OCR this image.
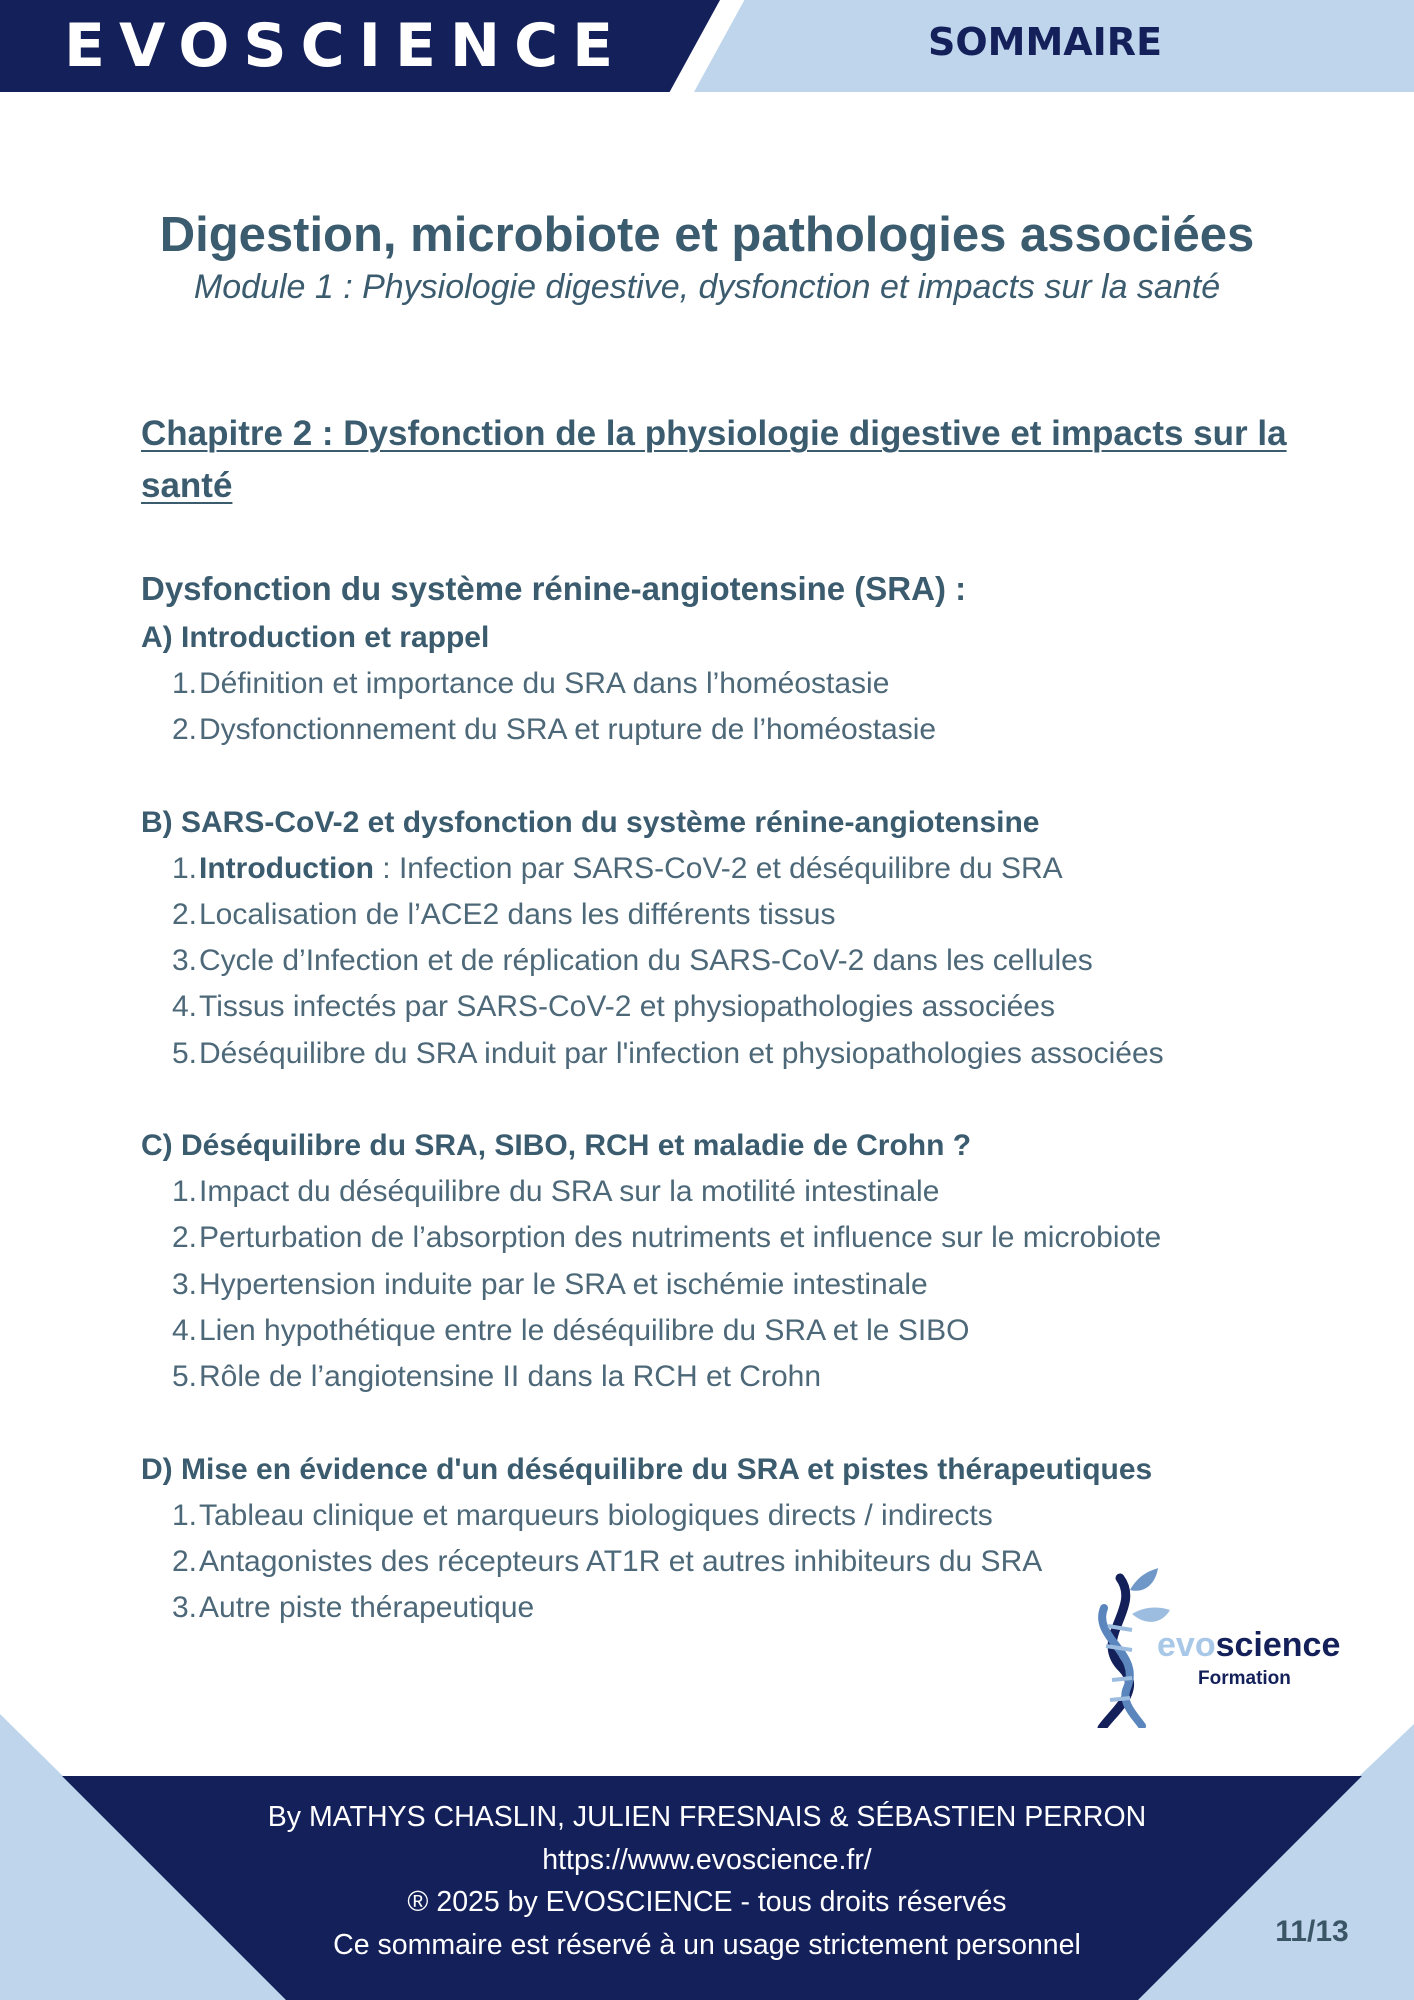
EVOSCIENCE	SOMMAIRE
Digestion, microbiote et pathologies associées
Module 1 : Physiologie digestive, dysfonction et impacts sur la santé
Chapitre 2 : Dysfonction de la physiologie digestive et impacts sur la santé
Dysfonction du système rénine-angiotensine (SRA) :
A) Introduction et rappel
1.Définition et importance du SRA dans l’homéostasie
2.Dysfonctionnement du SRA et rupture de l’homéostasie
B) SARS-CoV-2 et dysfonction du système rénine-angiotensine
1.Introduction : Infection par SARS-CoV-2 et déséquilibre du SRA
2.Localisation de l’ACE2 dans les différents tissus
3.Cycle d’Infection et de réplication du SARS-CoV-2 dans les cellules
4.Tissus infectés par SARS-CoV-2 et physiopathologies associées
5.Déséquilibre du SRA induit par l'infection et physiopathologies associées
C) Déséquilibre du SRA, SIBO, RCH et maladie de Crohn ?
1.Impact du déséquilibre du SRA sur la motilité intestinale
2.Perturbation de l’absorption des nutriments et influence sur le microbiote
3.Hypertension induite par le SRA et ischémie intestinale
4.Lien hypothétique entre le déséquilibre du SRA et le SIBO
5.Rôle de l’angiotensine II dans la RCH et Crohn
D) Mise en évidence d'un déséquilibre du SRA et pistes thérapeutiques
1.Tableau clinique et marqueurs biologiques directs / indirects
2.Antagonistes des récepteurs AT1R et autres inhibiteurs du SRA
3.Autre piste thérapeutique
evoscience
Formation
By MATHYS CHASLIN, JULIEN FRESNAIS & SÉBASTIEN PERRON
https://www.evoscience.fr/
® 2025 by EVOSCIENCE - tous droits réservés
Ce sommaire est réservé à un usage strictement personnel	11/13
